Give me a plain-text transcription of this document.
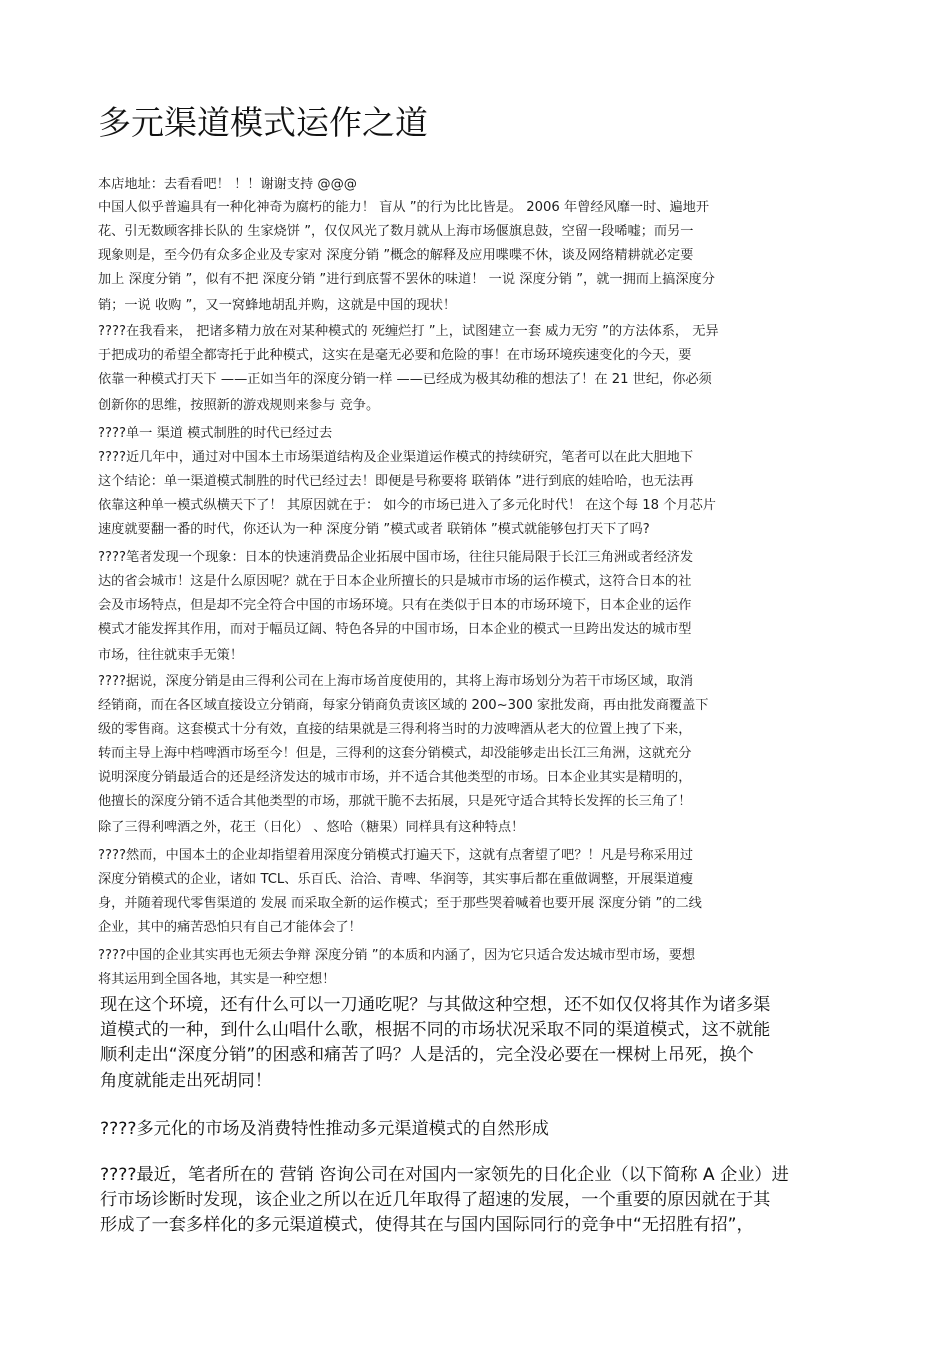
多元渠道模式运作之道
本店地址：去看看吧！ ！！谢谢支持 @@@
中国人似乎普遍具有一种化神奇为腐朽的能力！ 盲从 ”的行为比比皆是。 2006 年曾经风靡一时、遍地开
花、引无数顾客排长队的 生家烧饼 ”，仅仅风光了数月就从上海市场偃旗息鼓，空留一段唏嘘；而另一
现象则是，至今仍有众多企业及专家对 深度分销 ”概念的解释及应用喋喋不休，谈及网络精耕就必定要
加上 深度分销 ”，似有不把 深度分销 ”进行到底誓不罢休的味道！ 一说 深度分销 ”，就一拥而上搞深度分
销；一说 收购 ”，又一窝蜂地胡乱并购，这就是中国的现状！
????在我看来， 把诸多精力放在对某种模式的 死缠烂打 ”上，试图建立一套 威力无穷 ”的方法体系， 无异
于把成功的希望全都寄托于此种模式，这实在是毫无必要和危险的事！在市场环境疾速变化的今天，要
依靠一种模式打天下 ——正如当年的深度分销一样 ——已经成为极其幼稚的想法了！在 21 世纪，你必须
创新你的思维，按照新的游戏规则来参与 竞争。
????单一 渠道 模式制胜的时代已经过去
????近几年中，通过对中国本土市场渠道结构及企业渠道运作模式的持续研究，笔者可以在此大胆地下
这个结论：单一渠道模式制胜的时代已经过去！即便是号称要将 联销体 ”进行到底的娃哈哈，也无法再
依靠这种单一模式纵横天下了！ 其原因就在于： 如今的市场已进入了多元化时代！ 在这个每 18 个月芯片
速度就要翻一番的时代，你还认为一种 深度分销 ”模式或者 联销体 ”模式就能够包打天下了吗?
????笔者发现一个现象：日本的快速消费品企业拓展中国市场，往往只能局限于长江三角洲或者经济发
达的省会城市！这是什么原因呢？就在于日本企业所擅长的只是城市市场的运作模式，这符合日本的社
会及市场特点，但是却不完全符合中国的市场环境。只有在类似于日本的市场环境下，日本企业的运作
模式才能发挥其作用，而对于幅员辽阔、特色各异的中国市场，日本企业的模式一旦跨出发达的城市型
市场，往往就束手无策！
????据说，深度分销是由三得利公司在上海市场首度使用的，其将上海市场划分为若干市场区域，取消
经销商，而在各区域直接设立分销商，每家分销商负责该区域的 200~300 家批发商，再由批发商覆盖下
级的零售商。这套模式十分有效，直接的结果就是三得利将当时的力波啤酒从老大的位置上拽了下来，
转而主导上海中档啤酒市场至今！但是，三得利的这套分销模式，却没能够走出长江三角洲，这就充分
说明深度分销最适合的还是经济发达的城市市场，并不适合其他类型的市场。日本企业其实是精明的，
他擅长的深度分销不适合其他类型的市场，那就干脆不去拓展，只是死守适合其特长发挥的长三角了！
除了三得利啤酒之外，花王（日化） 、悠哈（糖果）同样具有这种特点！
????然而，中国本土的企业却指望着用深度分销模式打遍天下，这就有点奢望了吧？！凡是号称采用过
深度分销模式的企业，诸如 TCL、乐百氏、洽洽、青啤、华润等，其实事后都在重做调整，开展渠道瘦
身，并随着现代零售渠道的 发展 而采取全新的运作模式；至于那些哭着喊着也要开展 深度分销 ”的二线
企业，其中的痛苦恐怕只有自己才能体会了！
????中国的企业其实再也无须去争辩 深度分销 ”的本质和内涵了，因为它只适合发达城市型市场，要想
将其运用到全国各地，其实是一种空想！
现在这个环境，还有什么可以一刀通吃呢？与其做这种空想，还不如仅仅将其作为诸多渠
道模式的一种，到什么山唱什么歌，根据不同的市场状况采取不同的渠道模式，这不就能
顺利走出“深度分销”的困惑和痛苦了吗？人是活的，完全没必要在一棵树上吊死，换个
角度就能走出死胡同！
????多元化的市场及消费特性推动多元渠道模式的自然形成
????最近，笔者所在的 营销 咨询公司在对国内一家领先的日化企业（以下简称 A 企业）进
行市场诊断时发现，该企业之所以在近几年取得了超速的发展，一个重要的原因就在于其
形成了一套多样化的多元渠道模式，使得其在与国内国际同行的竞争中“无招胜有招”，
